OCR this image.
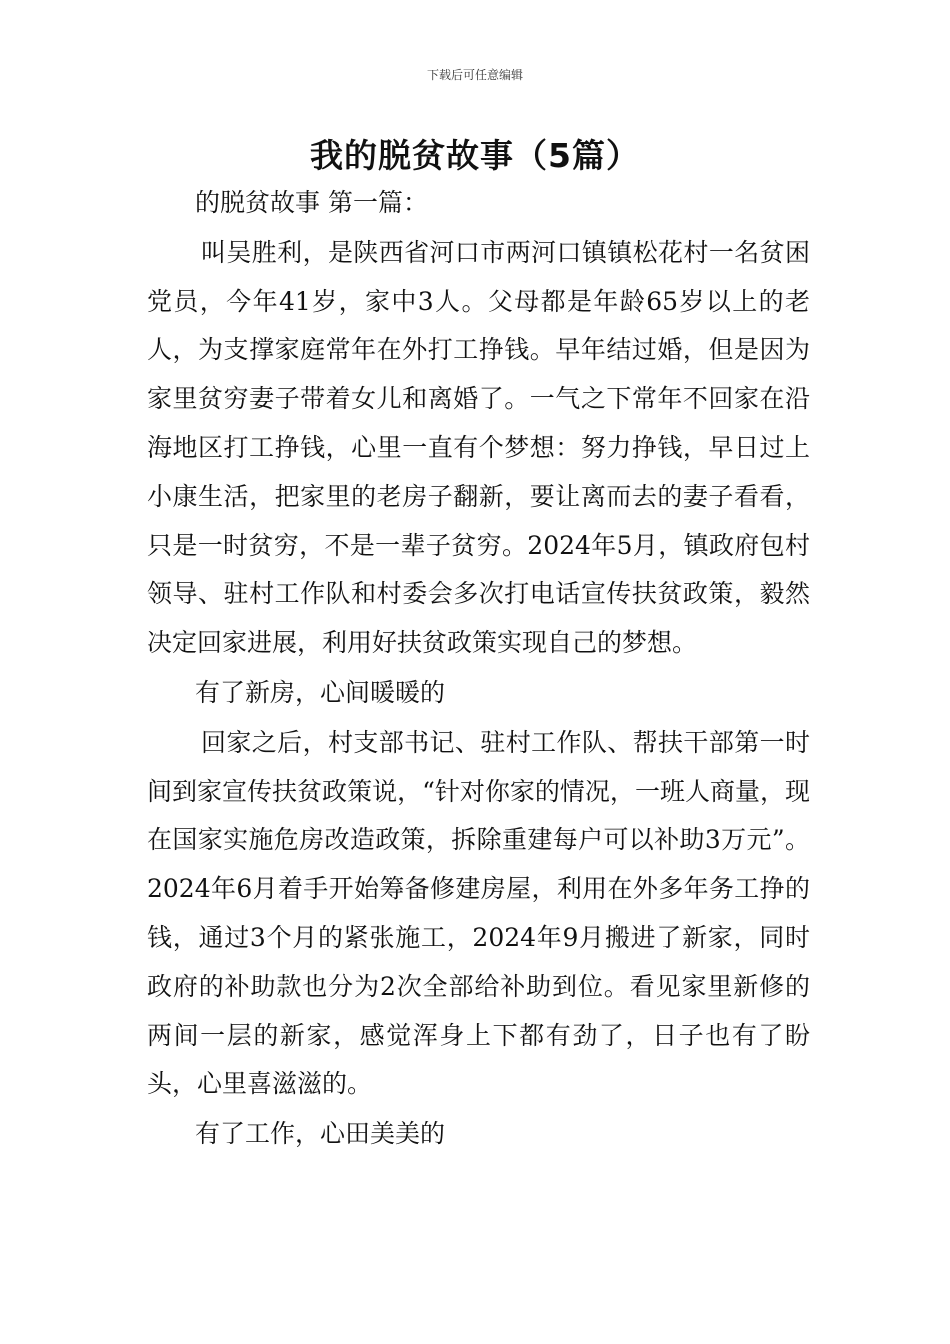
下载后可任意编辑
我的脱贫故事（5篇）

的脱贫故事 第一篇：

叫吴胜利，是陕西省河口市两河口镇镇松花村一名贫困党员，今年41岁，家中3人。父母都是年龄65岁以上的老人，为支撑家庭常年在外打工挣钱。早年结过婚，但是因为家里贫穷妻子带着女儿和离婚了。一气之下常年不回家在沿海地区打工挣钱，心里一直有个梦想：努力挣钱，早日过上小康生活，把家里的老房子翻新，要让离而去的妻子看看，只是一时贫穷，不是一辈子贫穷。2024年5月，镇政府包村领导、驻村工作队和村委会多次打电话宣传扶贫政策，毅然决定回家进展，利用好扶贫政策实现自己的梦想。

有了新房，心间暖暖的

回家之后，村支部书记、驻村工作队、帮扶干部第一时间到家宣传扶贫政策说，“针对你家的情况，一班人商量，现在国家实施危房改造政策，拆除重建每户可以补助3万元”。2024年6月着手开始筹备修建房屋，利用在外多年务工挣的钱，通过3个月的紧张施工，2024年9月搬进了新家，同时政府的补助款也分为2次全部给补助到位。看见家里新修的两间一层的新家，感觉浑身上下都有劲了，日子也有了盼头，心里喜滋滋的。

有了工作，心田美美的
